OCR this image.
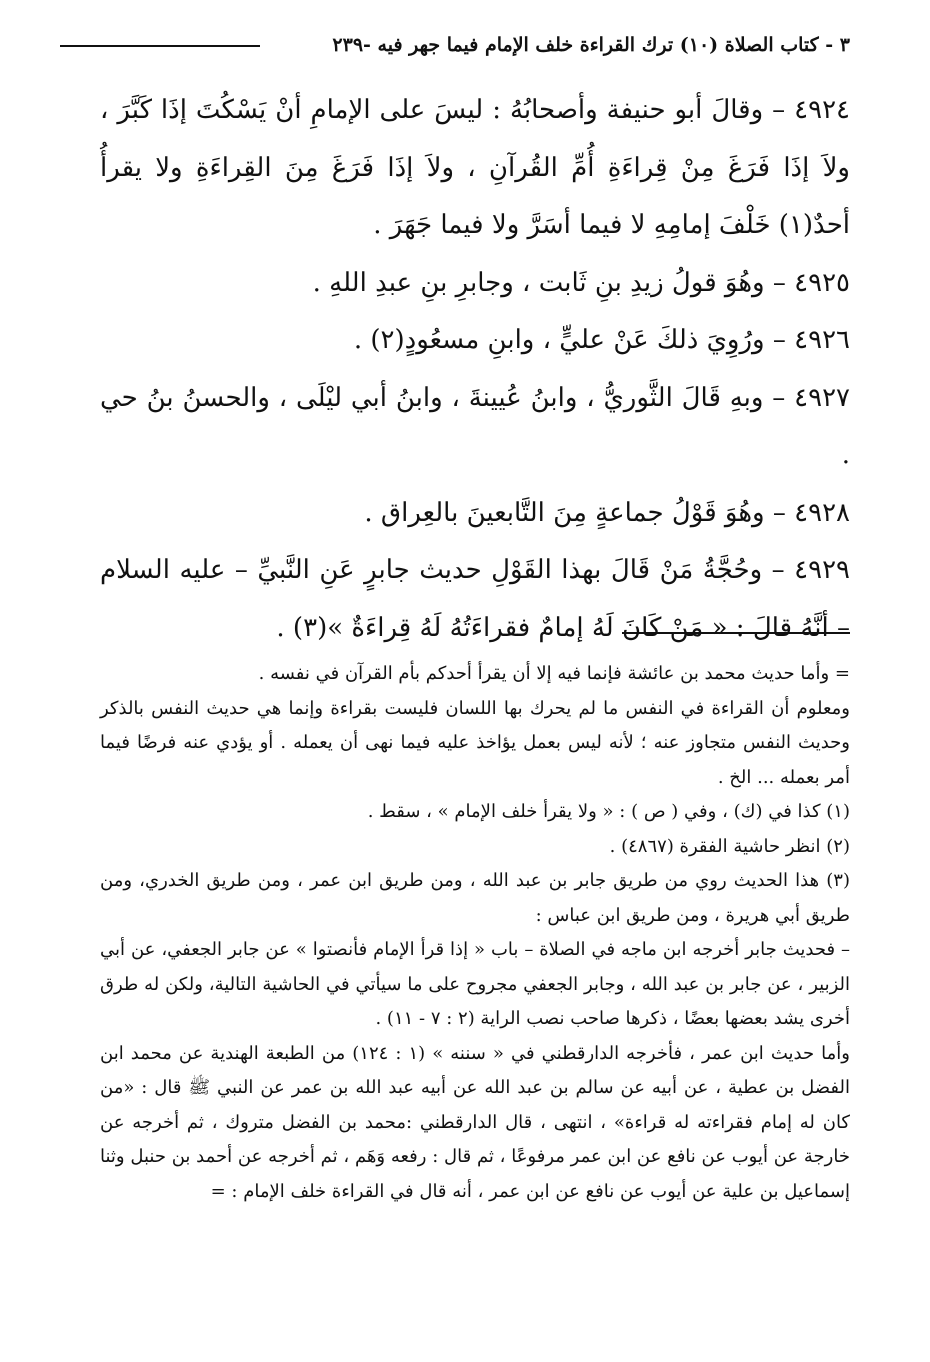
٣ - كتاب الصلاة (١٠) ترك القراءة خلف الإمام فيما جهر فيه -٢٣٩

٤٩٢٤ – وقالَ أبو حنيفة وأصحابُهُ : ليسَ على الإمامِ أنْ يَسْكُتَ إذَا كَبَّرَ ، ولاَ إذَا فَرَغَ مِنْ قِراءَةِ أُمِّ القُرآنِ ، ولاَ إذَا فَرَغَ مِنَ القِراءَةِ ولا يقرأُ أحدٌ(١) خَلْفَ إمامِهِ لا فيما أسَرَّ ولا فيما جَهَرَ .

٤٩٢٥ – وهُوَ قولُ زيدِ بنِ ثَابت ، وجابرِ بنِ عبدِ اللهِ .

٤٩٢٦ – ورُوِيَ ذلكَ عَنْ عليٍّ ، وابنِ مسعُودٍ(٢) .

٤٩٢٧ – وبهِ قَالَ الثَّوريُّ ، وابنُ عُيينةَ ، وابنُ أبي ليْلَى ، والحسنُ بنُ حي .

٤٩٢٨ – وهُوَ قَوْلُ جماعةٍ مِنَ التَّابعينَ بالعِراق .

٤٩٢٩ – وحُجَّةُ مَنْ قَالَ بهذا القَوْلِ حديث جابرٍ عَنِ النَّبيِّ – عليه السلام – أنَّهُ قالَ : « مَنْ كَانَ لَهُ إمامٌ فقراءَتُهُ لَهُ قِراءَةٌ »(٣) .

= وأما حديث محمد بن عائشة فإنما فيه إلا أن يقرأ أحدكم بأم القرآن في نفسه .

ومعلوم أن القراءة في النفس ما لم يحرك بها اللسان فليست بقراءة وإنما هي حديث النفس بالذكر وحديث النفس متجاوز عنه ؛ لأنه ليس بعمل يؤاخذ عليه فيما نهى أن يعمله . أو يؤدي عنه فرضًا فيما أمر بعمله ... الخ .

(١) كذا في (ك) ، وفي ( ص ) : « ولا يقرأ خلف الإمام » ، سقط .

(٢) انظر حاشية الفقرة (٤٨٦٧) .

(٣) هذا الحديث روي من طريق جابر بن عبد الله ، ومن طريق ابن عمر ، ومن طريق الخدري، ومن طريق أبي هريرة ، ومن طريق ابن عباس :

– فحديث جابر أخرجه ابن ماجه في الصلاة – باب « إذا قرأ الإمام فأنصتوا » عن جابر الجعفي، عن أبي الزبير ، عن جابر بن عبد الله ، وجابر الجعفي مجروح على ما سيأتي في الحاشية التالية، ولكن له طرق أخرى يشد بعضها بعضًا ، ذكرها صاحب نصب الراية (٢ : ٧ - ١١) .

وأما حديث ابن عمر ، فأخرجه الدارقطني في « سننه » (١ : ١٢٤) من الطبعة الهندية عن محمد ابن الفضل بن عطية ، عن أبيه عن سالم بن عبد الله عن أبيه عبد الله بن عمر عن النبي ﷺ قال : «من كان له إمام فقراءته له قراءة» ، انتهى ، قال الدارقطني :محمد بن الفضل متروك ، ثم أخرجه عن خارجة عن أيوب عن نافع عن ابن عمر مرفوعًا ، ثم قال : رفعه وَهَم ، ثم أخرجه عن أحمد بن حنبل وثنا إسماعيل بن علية عن أيوب عن نافع عن ابن عمر ، أنه قال في القراءة خلف الإمام : =
